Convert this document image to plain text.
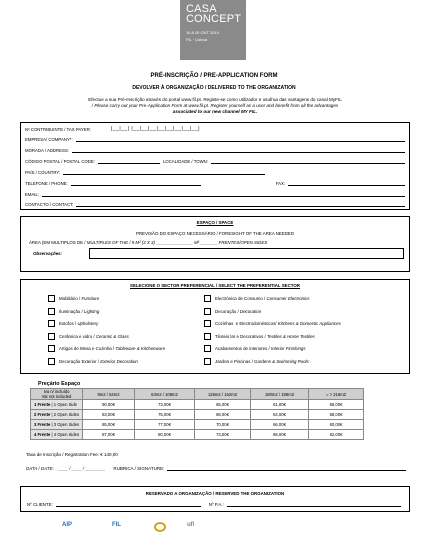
CASA
CONCEPT
16 A 20 OUT 2014
FIL · Lisboa
PRÉ-INSCRIÇÃO / PRE-APPLICATION FORM
DEVOLVER À ORGANIZAÇÃO / DELIVERED TO THE ORGANIZATION
Efectue a sua Pré-Inscrição através do portal www.fil.pt. Registe-se como utilizador e usufrua das vantagens do canal MyFIL
/ Please carry out your Pre-Application Form at www.fil.pt. Register yourself as a user and benefit from all the advantages
associated to our new channel MY FIL.
Nº CONTRIBUINTE / TAX PAYER:	|__|__| |__|__|__|__|__|__|__|__|
EMPRESA/ COMPANY*:
MORADA / ADDRESS:
CÓDIGO POSTAL / POSTAL CODE:	LOCALIDADE / TOWN:
PAÍS / COUNTRY:
TELEFONE / PHONE:	FAX:
EMAIL:
CONTACTO / CONTACT:
ESPAÇO / SPACE
PREVISÃO DO ESPAÇO NECESSÁRIO / FORESIGHT OF THE AREA NEEDED
ÁREA (EM MULTIPLOS DE / MULTIPLES OF THE / 9 M² (3 X 3) _______________ M² _______ FRENTES/OPEN SIDES
Observações:
SELECIONE O SECTOR PREFERENCIAL / SELECT THE PREFERENTIAL SECTOR
Mobiliário / Furniture
Iluminação / Lighting
Estofos / Upholstery
Cerâmica e vidro / Ceramic & Glass
Artigos de Mesa e Cozinha / Tableware & Kitchenware
Decoração Exterior / Exterior Decoration
Electrónica de Consumo / Consumer Electronics
Decoração / Decoration
Cozinhas  e Electrodomésticos/ Kitchens & Domestic Appliances
Têxteis lar e Decorativos / Textiles & Home Textiles
Acabamentos de interiores / Interior Finishings
Jardins e Piscinas / Gardens & Swimming Pools
Preçário Espaço
Iva n/ incluído
Vat not included	9m2 / 54m2	63m2 / 108m2	126m2 / 162m2	180m2 / 198m2	= > 216m2
1 Frente | 1 Open Side	90,00€	73,00€	65,00€	61,00€	56,00€
2 Frente | 2 Open Sides	83,00€	75,00€	68,00€	64,00€	58,00€
3 Frente | 3 Open Sides	85,00€	77,00€	70,00€	66,00€	60,00€
4 Frente | 4 Open Sides	87,00€	80,00€	73,00€	68,00€	62,00€
Taxa de Inscrição / Registration Fee: € 140,00
DATA / DATE: ____ / ____ / ________ RUBRICA / SIGNATURE:
RESERVADO A ORGANIZAÇÃO / RESERVED THE ORGANIZATION
Nº CLIENTE:	Nº P.A.:
AIP	FIL	ufi
